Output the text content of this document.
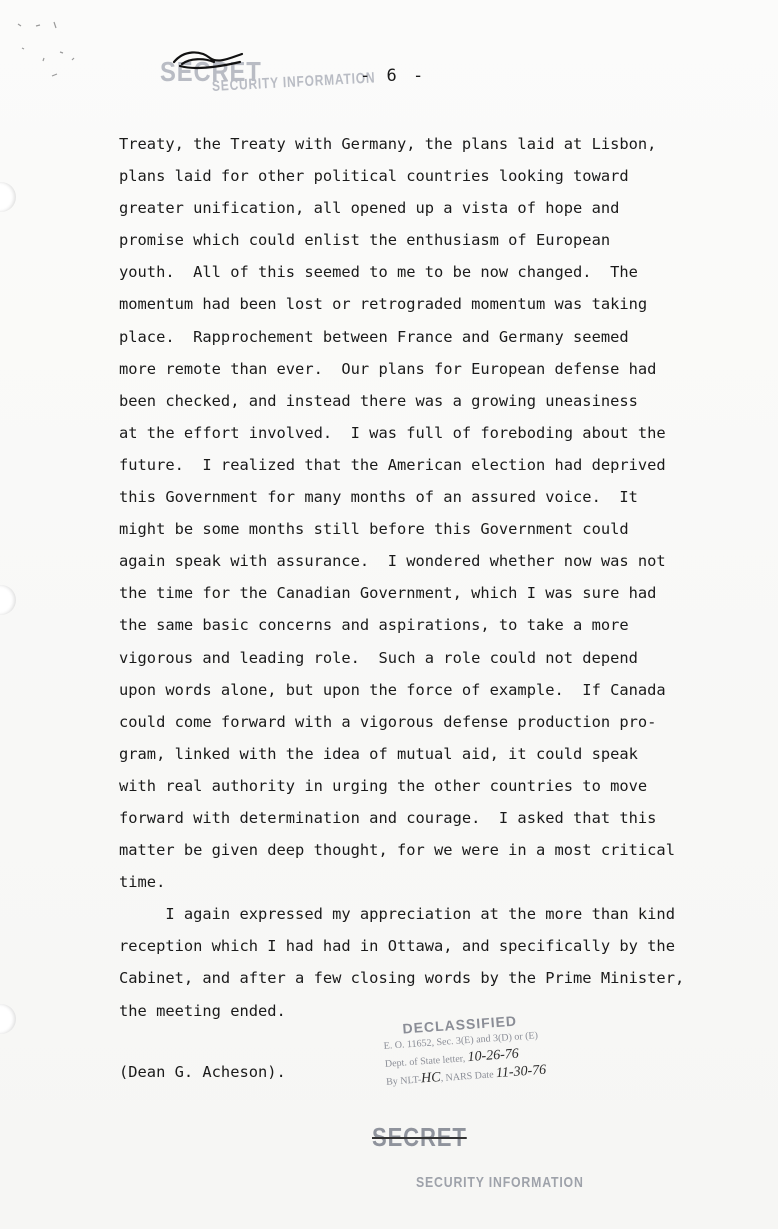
SECRET
SECURITY INFORMATION
- 6 -
Treaty, the Treaty with Germany, the plans laid at Lisbon,
plans laid for other political countries looking toward
greater unification, all opened up a vista of hope and
promise which could enlist the enthusiasm of European
youth.  All of this seemed to me to be now changed.  The
momentum had been lost or retrograded momentum was taking
place.  Rapprochement between France and Germany seemed
more remote than ever.  Our plans for European defense had
been checked, and instead there was a growing uneasiness
at the effort involved.  I was full of foreboding about the
future.  I realized that the American election had deprived
this Government for many months of an assured voice.  It
might be some months still before this Government could
again speak with assurance.  I wondered whether now was not
the time for the Canadian Government, which I was sure had
the same basic concerns and aspirations, to take a more
vigorous and leading role.  Such a role could not depend
upon words alone, but upon the force of example.  If Canada
could come forward with a vigorous defense production pro-
gram, linked with the idea of mutual aid, it could speak
with real authority in urging the other countries to move
forward with determination and courage.  I asked that this
matter be given deep thought, for we were in a most critical
time.
I again expressed my appreciation at the more than kind
reception which I had had in Ottawa, and specifically by the
Cabinet, and after a few closing words by the Prime Minister,
the meeting ended.
(Dean G. Acheson).
DECLASSIFIED
E. O. 11652, Sec. 3(E) and 3(D) or (E)
Dept. of State letter, 10-26-76
By NLT-HC, NARS Date 11-30-76
SECRET
SECURITY INFORMATION
